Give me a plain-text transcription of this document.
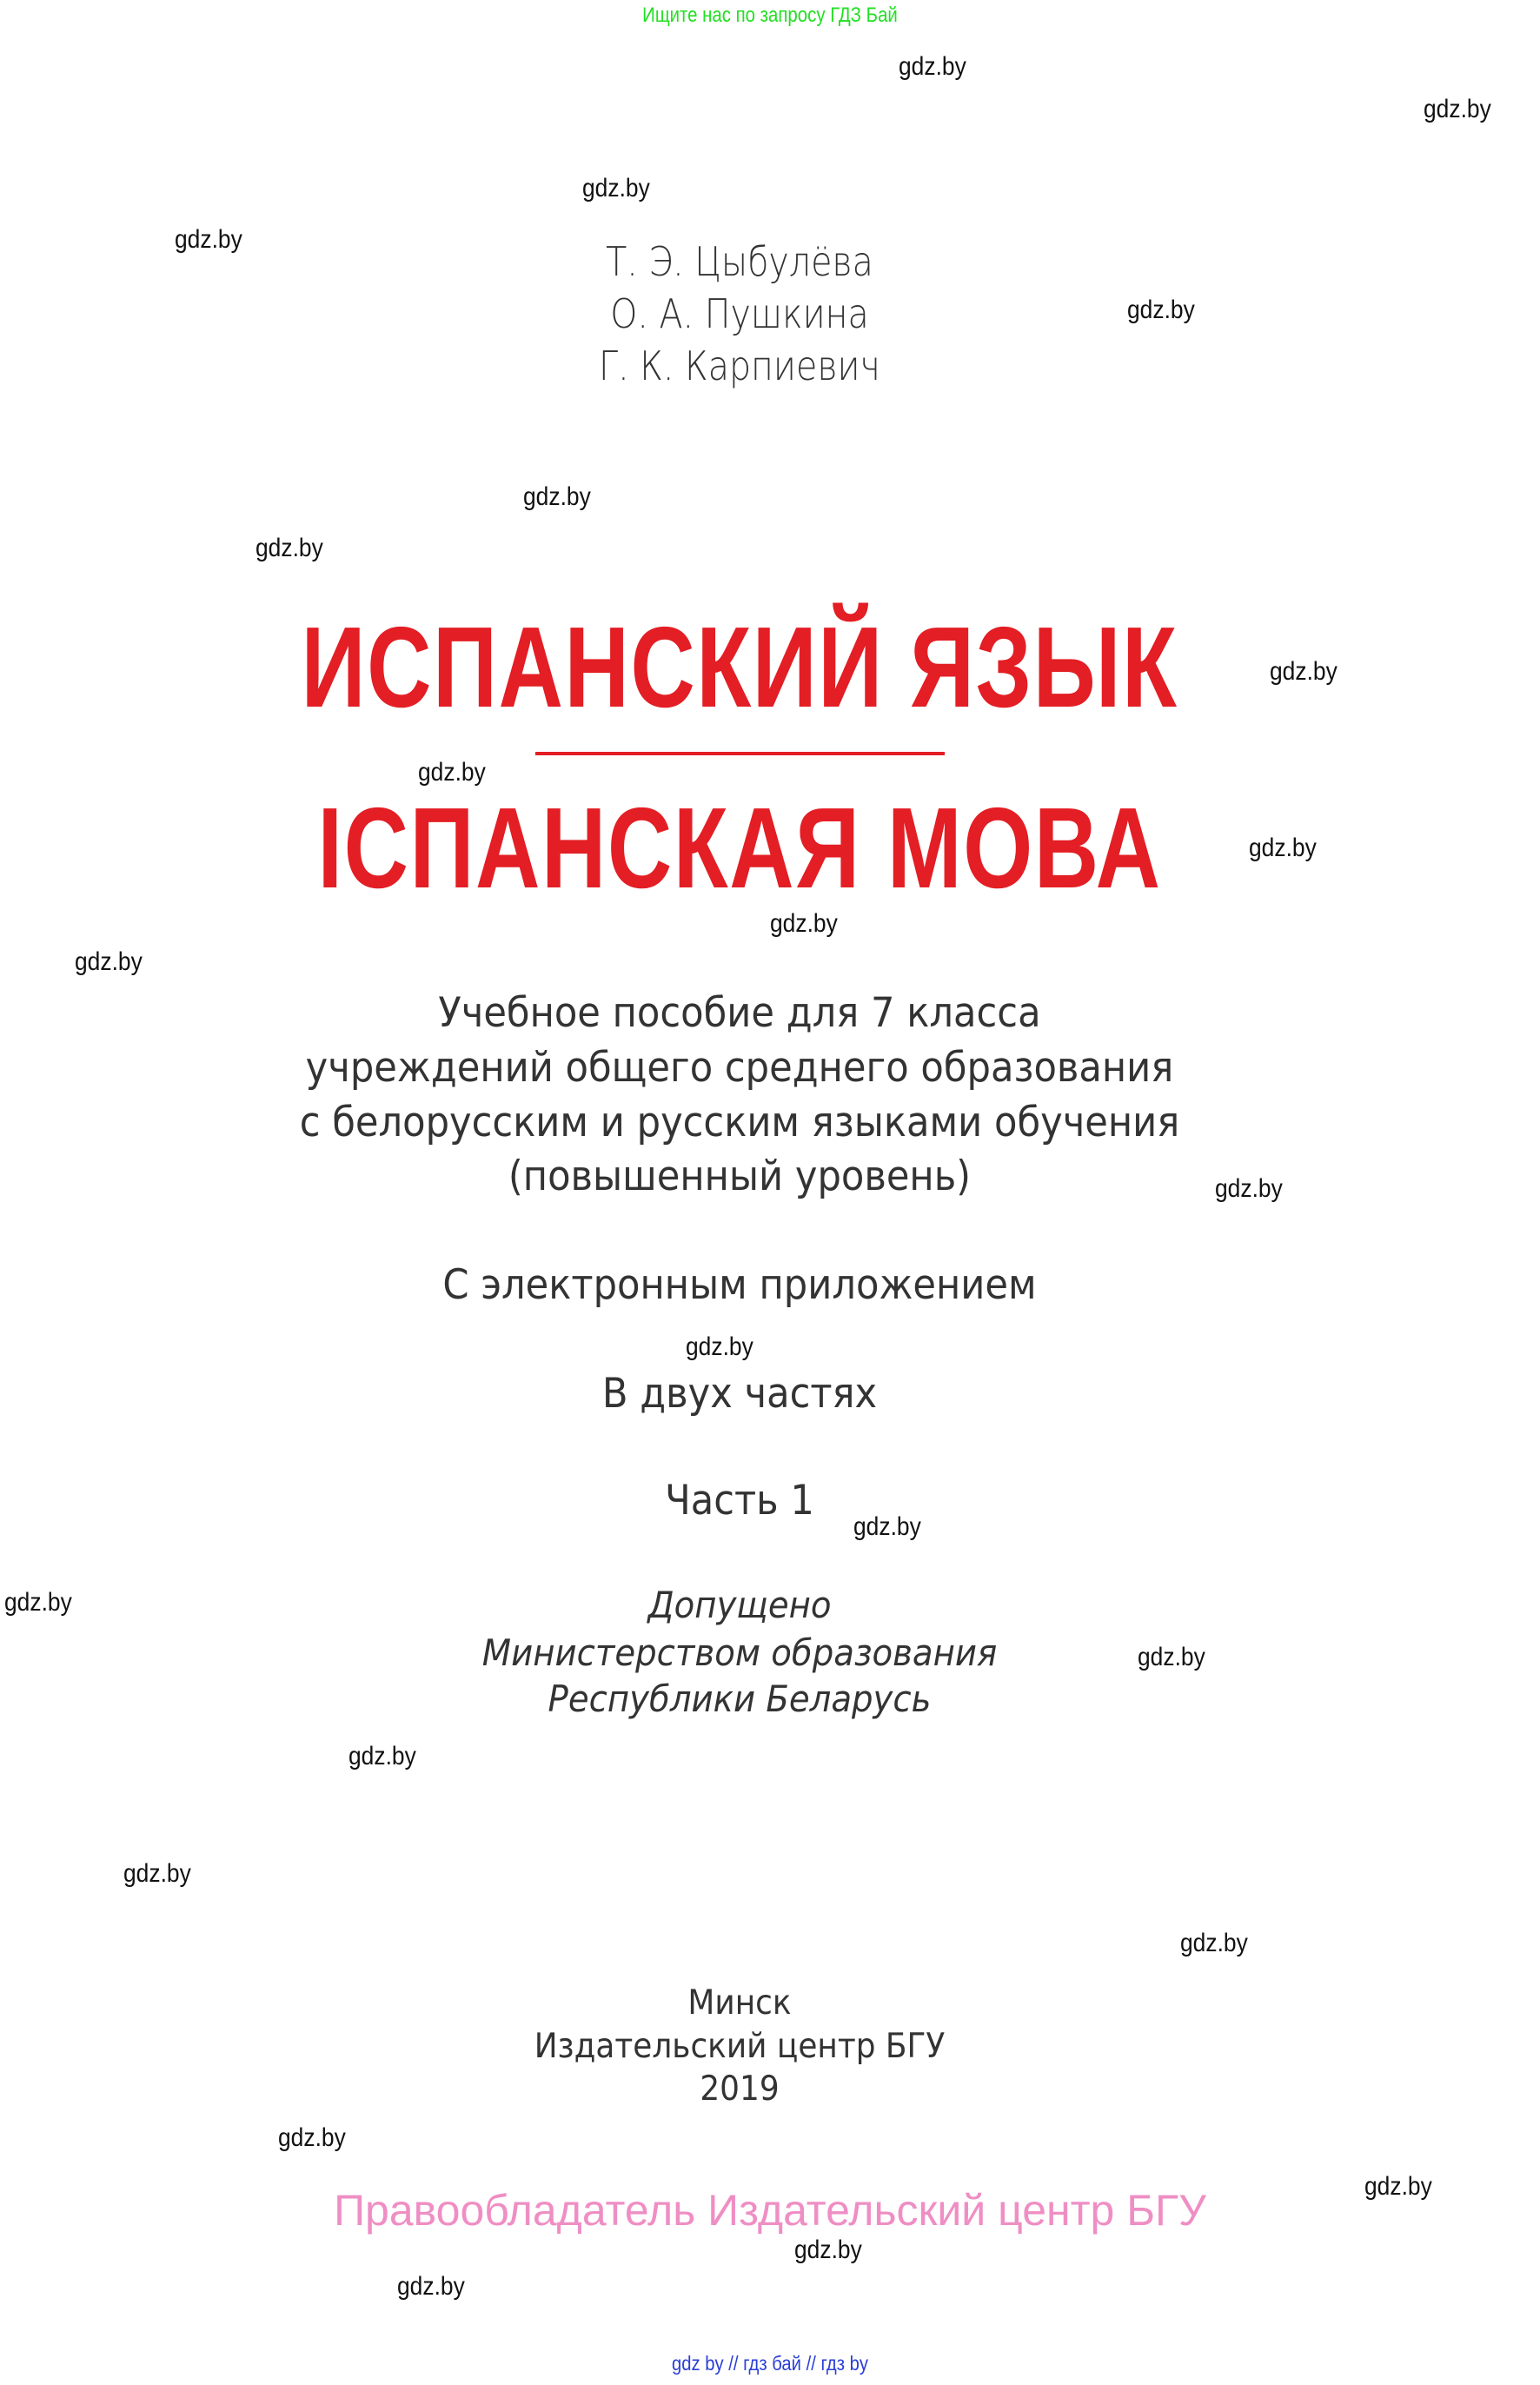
Ищите нас по запросу ГДЗ Бай
Т. Э. Цыбулёва
О. А. Пушкина
Г. К. Карпиевич
ИСПАНСКИЙ ЯЗЫК
ІСПАНСКАЯ МОВА
Учебное пособие для 7 класса
учреждений общего среднего образования
с белорусским и русским языками обучения
(повышенный уровень)
С электронным приложением
В двух частях
Часть 1
Допущено
Министерством образования
Республики Беларусь
Минск
Издательский центр БГУ
2019
Правообладатель Издательский центр БГУ
gdz by // гдз бай // гдз by
gdz.by
gdz.by
gdz.by
gdz.by
gdz.by
gdz.by
gdz.by
gdz.by
gdz.by
gdz.by
gdz.by
gdz.by
gdz.by
gdz.by
gdz.by
gdz.by
gdz.by
gdz.by
gdz.by
gdz.by
gdz.by
gdz.by
gdz.by
gdz.by
